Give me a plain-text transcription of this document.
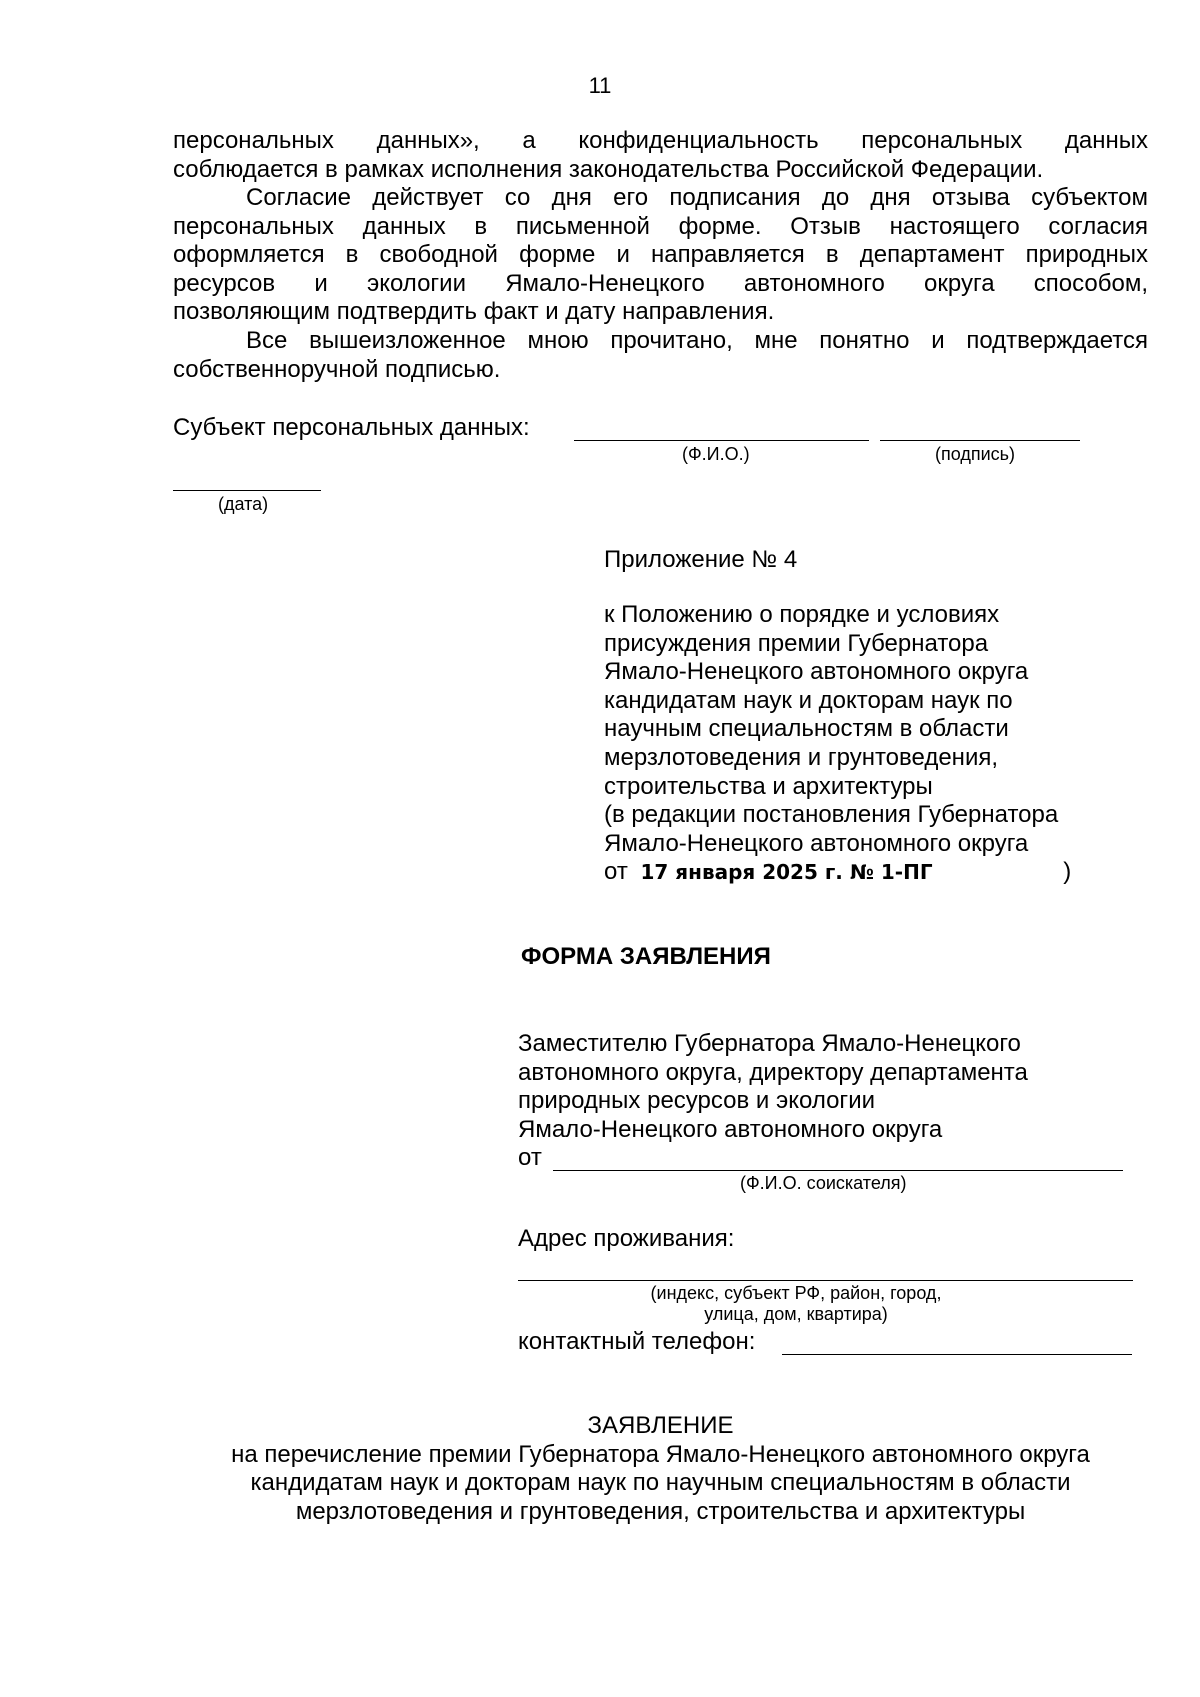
11
персональных данных», а конфиденциальность персональных данных
соблюдается в рамках исполнения законодательства Российской Федерации.
Согласие действует со дня его подписания до дня отзыва субъектом
персональных данных в письменной форме. Отзыв настоящего согласия
оформляется в свободной форме и направляется в департамент природных
ресурсов и экологии Ямало-Ненецкого автономного округа способом,
позволяющим подтвердить факт и дату направления.
Все вышеизложенное мною прочитано, мне понятно и подтверждается
собственноручной подписью.
Субъект персональных данных:
(Ф.И.О.)	(подпись)
(дата)
Приложение № 4
к Положению о порядке и условиях
присуждения премии Губернатора
Ямало-Ненецкого автономного округа
кандидатам наук и докторам наук по
научным специальностям в области
мерзлотоведения и грунтоведения,
строительства и архитектуры
(в редакции постановления Губернатора
Ямало-Ненецкого автономного округа
от 17 января 2025 г. № 1-ПГ	)
ФОРМА ЗАЯВЛЕНИЯ
Заместителю Губернатора Ямало-Ненецкого
автономного округа, директору департамента
природных ресурсов и экологии
Ямало-Ненецкого автономного округа
от
(Ф.И.О. соискателя)
Адрес проживания:
(индекс, субъект РФ, район, город,
улица, дом, квартира)
контактный телефон:
ЗАЯВЛЕНИЕ
на перечисление премии Губернатора Ямало-Ненецкого автономного округа
кандидатам наук и докторам наук по научным специальностям в области
мерзлотоведения и грунтоведения, строительства и архитектуры
